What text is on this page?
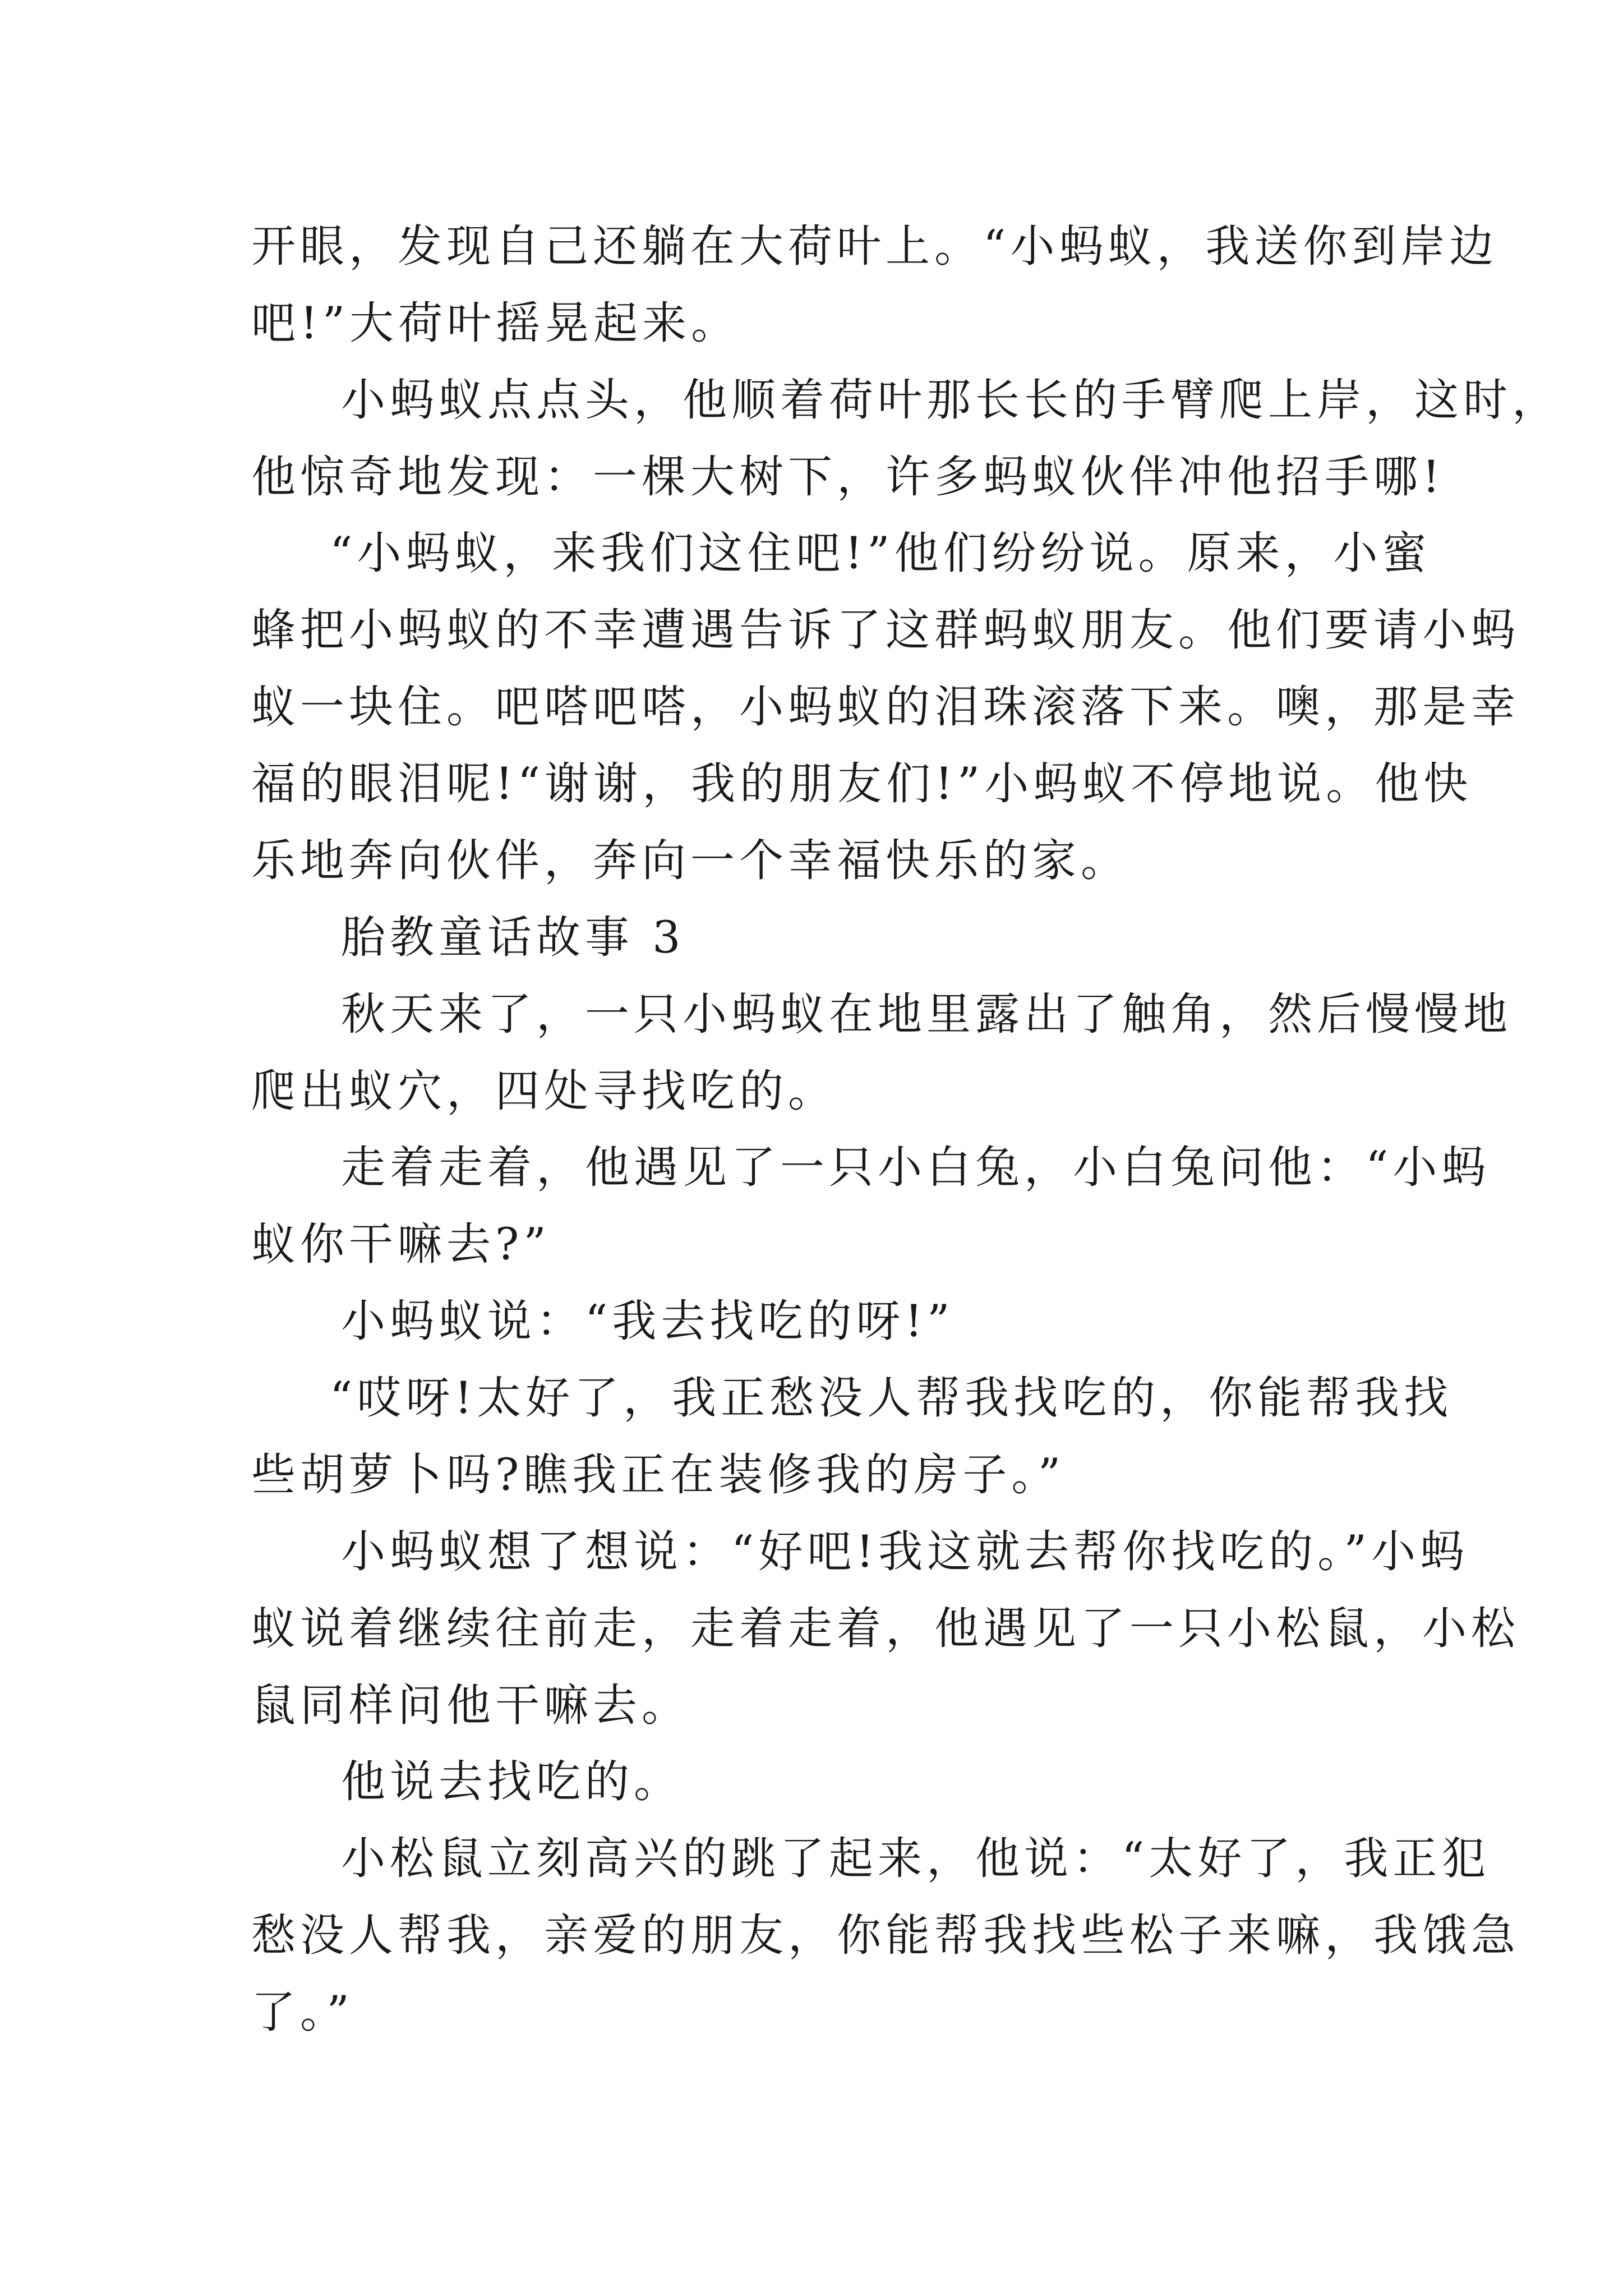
开眼，发现自己还躺在大荷叶上。“小蚂蚁，我送你到岸边
吧!”大荷叶摇晃起来。
小蚂蚁点点头，他顺着荷叶那长长的手臂爬上岸，这时，
他惊奇地发现：一棵大树下，许多蚂蚁伙伴冲他招手哪!
“小蚂蚁，来我们这住吧!”他们纷纷说。原来，小蜜
蜂把小蚂蚁的不幸遭遇告诉了这群蚂蚁朋友。他们要请小蚂
蚁一块住。吧嗒吧嗒，小蚂蚁的泪珠滚落下来。噢，那是幸
福的眼泪呢!“谢谢，我的朋友们!”小蚂蚁不停地说。他快
乐地奔向伙伴，奔向一个幸福快乐的家。
胎教童话故事 3
秋天来了，一只小蚂蚁在地里露出了触角，然后慢慢地
爬出蚁穴，四处寻找吃的。
走着走着，他遇见了一只小白兔，小白兔问他：“小蚂
蚁你干嘛去?”
小蚂蚁说：“我去找吃的呀!”
“哎呀!太好了，我正愁没人帮我找吃的，你能帮我找
些胡萝卜吗?瞧我正在装修我的房子。”
小蚂蚁想了想说：“好吧!我这就去帮你找吃的。”小蚂
蚁说着继续往前走，走着走着，他遇见了一只小松鼠，小松
鼠同样问他干嘛去。
他说去找吃的。
小松鼠立刻高兴的跳了起来，他说：“太好了，我正犯
愁没人帮我，亲爱的朋友，你能帮我找些松子来嘛，我饿急
了。”
